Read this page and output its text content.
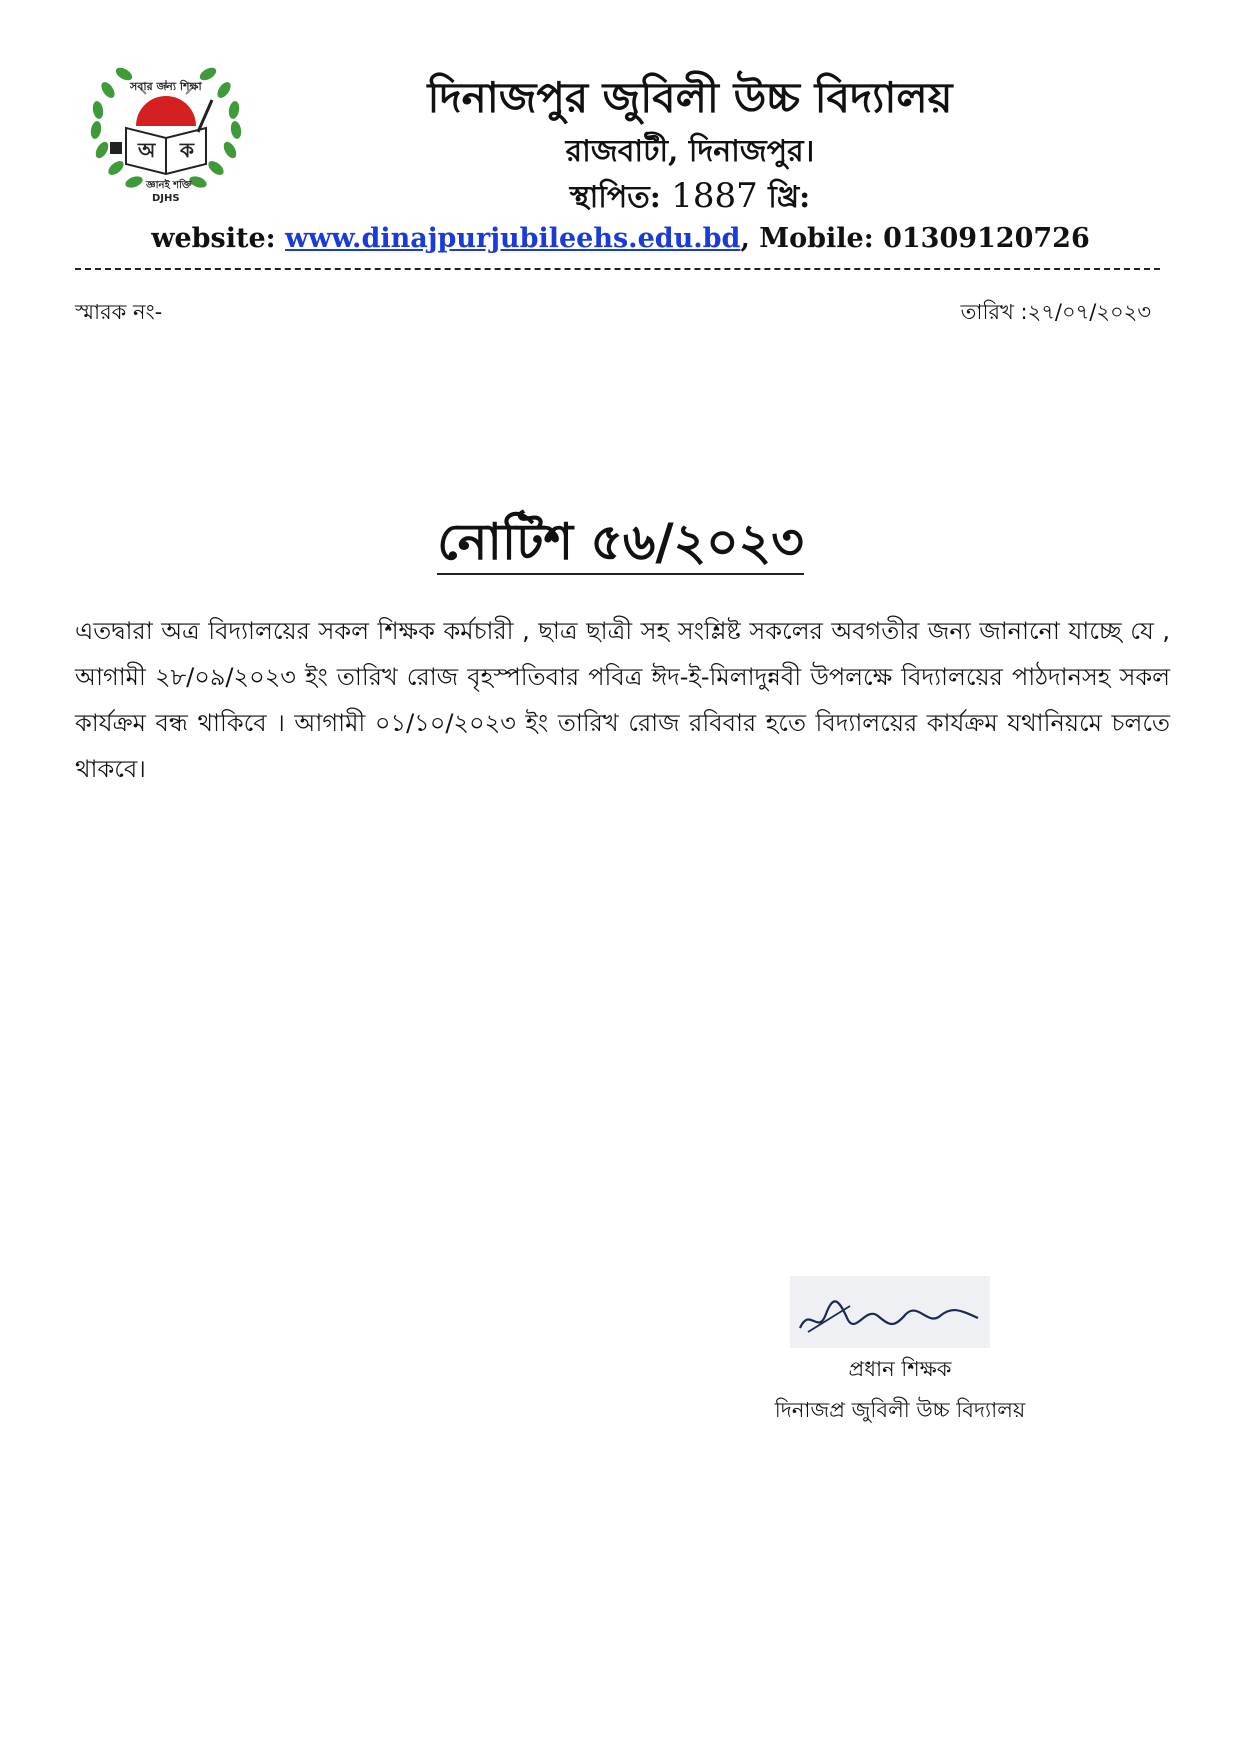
সবার জন্য শিক্ষা
অ ক
জ্ঞানই শক্তি
DJHS
দিনাজপুর জুবিলী উচ্চ বিদ্যালয়
রাজবাটী, দিনাজপুর।
স্থাপিত: 1887 খ্রি:
website: www.dinajpurjubileehs.edu.bd, Mobile: 01309120726
স্মারক নং-	তারিখ :২৭/০৭/২০২৩
নোটিশ ৫৬/২০২৩
এতদ্বারা অত্র বিদ্যালয়ের সকল শিক্ষক কর্মচারী , ছাত্র ছাত্রী সহ সংশ্লিষ্ট সকলের অবগতীর জন্য জানানো যাচ্ছে যে , আগামী ২৮/০৯/২০২৩ ইং তারিখ রোজ বৃহস্পতিবার পবিত্র ঈদ-ই-মিলাদুন্নবী উপলক্ষে বিদ্যালয়ের পাঠদানসহ সকল কার্যক্রম বন্ধ থাকিবে । আগামী ০১/১০/২০২৩ ইং তারিখ রোজ রবিবার হতে বিদ্যালয়ের কার্যক্রম যথানিয়মে চলতে থাকবে।
প্রধান শিক্ষক
দিনাজপ্র জুবিলী উচ্চ বিদ্যালয়
